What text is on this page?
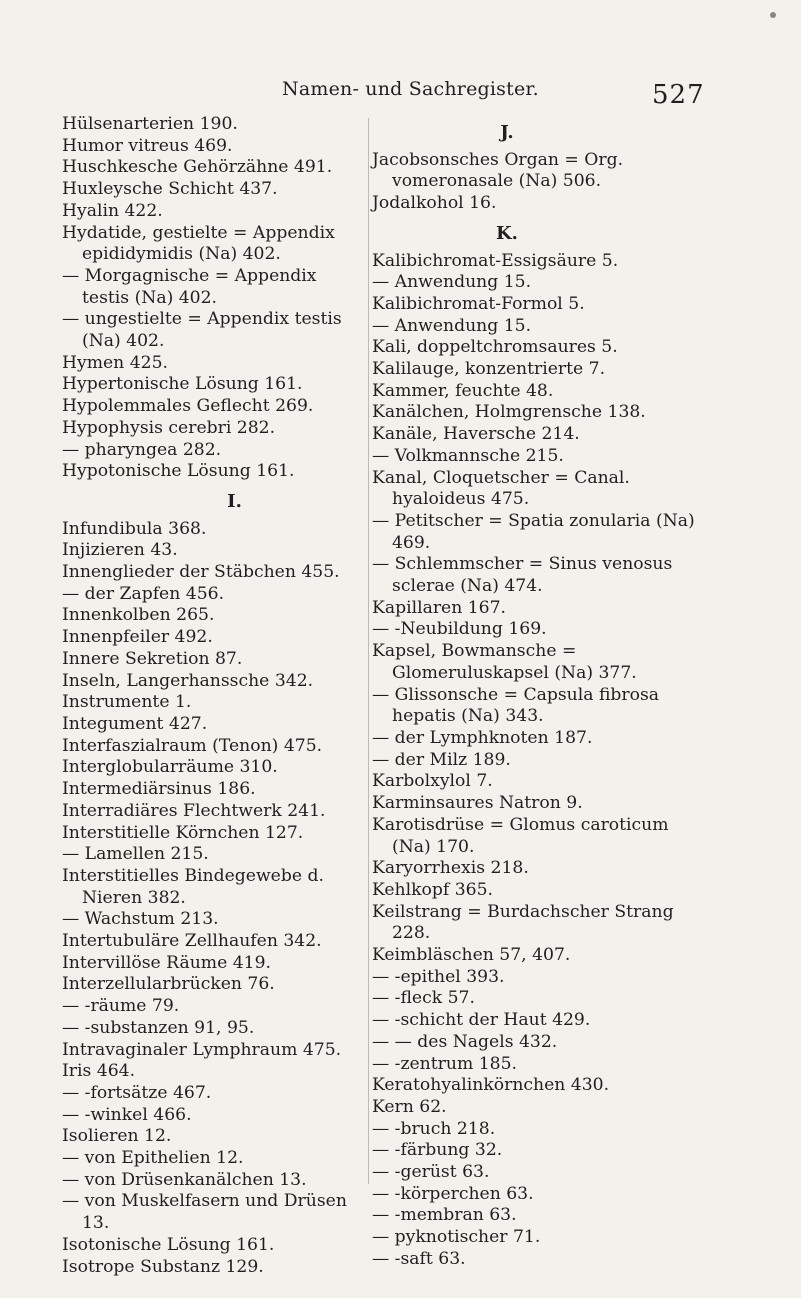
Namen- und Sachregister.	527
Hülsenarterien 190.
Humor vitreus 469.
Huschkesche Gehörzähne 491.
Huxleysche Schicht 437.
Hyalin 422.
Hydatide, gestielte = Appendix epididymidis (Na) 402.
— Morgagnische = Appendix testis (Na) 402.
— ungestielte = Appendix testis (Na) 402.
Hymen 425.
Hypertonische Lösung 161.
Hypolemmales Geflecht 269.
Hypophysis cerebri 282.
— pharyngea 282.
Hypotonische Lösung 161.
I.
Infundibula 368.
Injizieren 43.
Innenglieder der Stäbchen 455.
— der Zapfen 456.
Innenkolben 265.
Innenpfeiler 492.
Innere Sekretion 87.
Inseln, Langerhanssche 342.
Instrumente 1.
Integument 427.
Interfaszialraum (Tenon) 475.
Interglobularräume 310.
Intermediärsinus 186.
Interradiäres Flechtwerk 241.
Interstitielle Körnchen 127.
— Lamellen 215.
Interstitielles Bindegewebe d. Nieren 382.
— Wachstum 213.
Intertubuläre Zellhaufen 342.
Intervillöse Räume 419.
Interzellularbrücken 76.
— -räume 79.
— -substanzen 91, 95.
Intravaginaler Lymphraum 475.
Iris 464.
— -fortsätze 467.
— -winkel 466.
Isolieren 12.
— von Epithelien 12.
— von Drüsenkanälchen 13.
— von Muskelfasern und Drüsen 13.
Isotonische Lösung 161.
Isotrope Substanz 129.
J.
Jacobsonsches Organ = Org. vomeronasale (Na) 506.
Jodalkohol 16.
K.
Kalibichromat-Essigsäure 5.
— Anwendung 15.
Kalibichromat-Formol 5.
— Anwendung 15.
Kali, doppeltchromsaures 5.
Kalilauge, konzentrierte 7.
Kammer, feuchte 48.
Kanälchen, Holmgrensche 138.
Kanäle, Haversche 214.
— Volkmannsche 215.
Kanal, Cloquetscher = Canal. hyaloideus 475.
— Petitscher = Spatia zonularia (Na) 469.
— Schlemmscher = Sinus venosus sclerae (Na) 474.
Kapillaren 167.
— -Neubildung 169.
Kapsel, Bowmansche = Glomeruluskapsel (Na) 377.
— Glissonsche = Capsula fibrosa hepatis (Na) 343.
— der Lymphknoten 187.
— der Milz 189.
Karbolxylol 7.
Karminsaures Natron 9.
Karotisdrüse = Glomus caroticum (Na) 170.
Karyorrhexis 218.
Kehlkopf 365.
Keilstrang = Burdachscher Strang 228.
Keimbläschen 57, 407.
— -epithel 393.
— -fleck 57.
— -schicht der Haut 429.
— — des Nagels 432.
— -zentrum 185.
Keratohyalinkörnchen 430.
Kern 62.
— -bruch 218.
— -färbung 32.
— -gerüst 63.
— -körperchen 63.
— -membran 63.
— pyknotischer 71.
— -saft 63.
